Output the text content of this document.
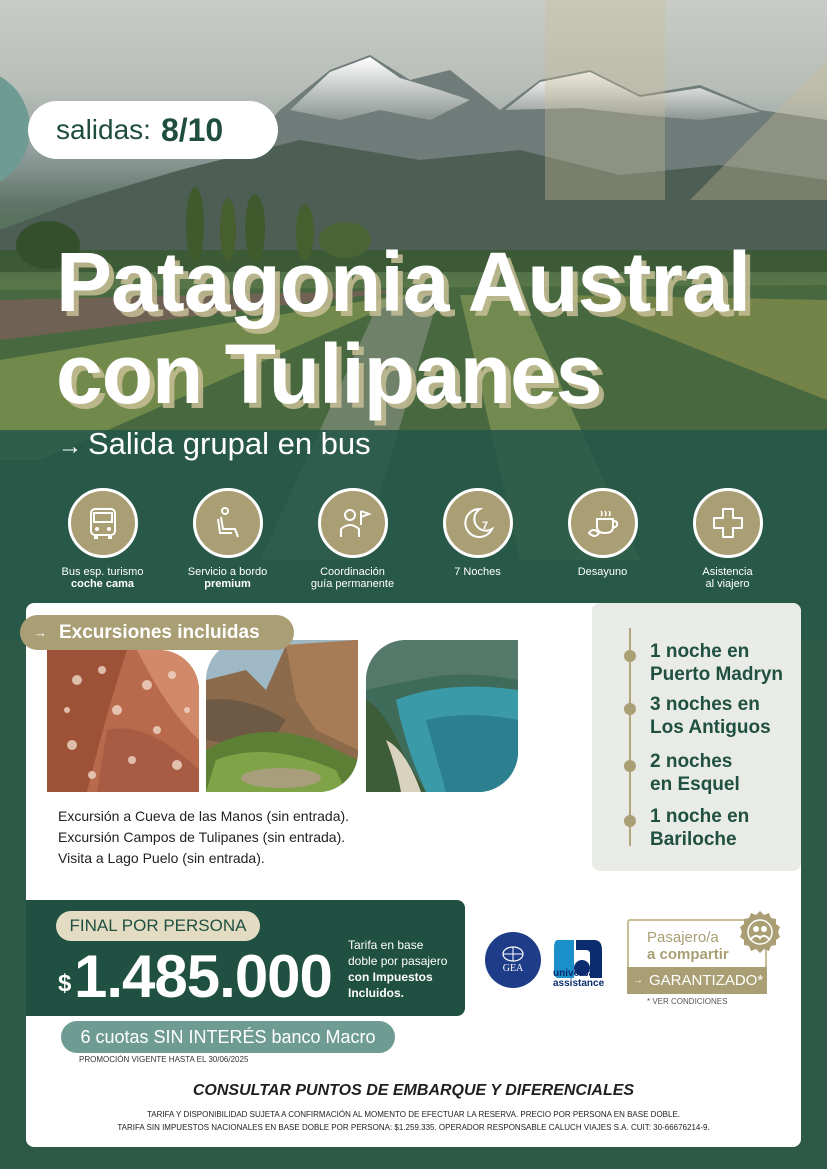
salidas: 8/10
Patagonia Austral
con Tulipanes
→ Salida grupal en bus
Bus esp. turismo
coche cama
Servicio a bordo
premium
Coordinación
guía permanente
7
7 Noches	Desayuno	Asistencia
al viajero
1 noche en
Puerto Madryn
3 noches en
Los Antiguos
2 noches
en Esquel
1 noche en
Bariloche
→ Excursiones incluidas
Excursión a Cueva de las Manos (sin entrada).
Excursión Campos de Tulipanes (sin entrada).
Visita a Lago Puelo (sin entrada).
FINAL POR PERSONA
$ 1.485.000 Tarifa en base
doble por pasajero
con Impuestos
Incluidos.
6 cuotas SIN INTERÉS banco Macro
PROMOCIÓN VIGENTE HASTA EL 30/06/2025
GEA	universal
assistance
Pasajero/a
a compartir
→ GARANTIZADO*
* VER CONDICIONES
CONSULTAR PUNTOS DE EMBARQUE Y DIFERENCIALES
TARIFA Y DISPONIBILIDAD SUJETA A CONFIRMACIÓN AL MOMENTO DE EFECTUAR LA RESERVA. PRECIO POR PERSONA EN BASE DOBLE.
TARIFA SIN IMPUESTOS NACIONALES EN BASE DOBLE POR PERSONA: $1.259.335. OPERADOR RESPONSABLE CALUCH VIAJES S.A. CUIT: 30-66676214-9.
